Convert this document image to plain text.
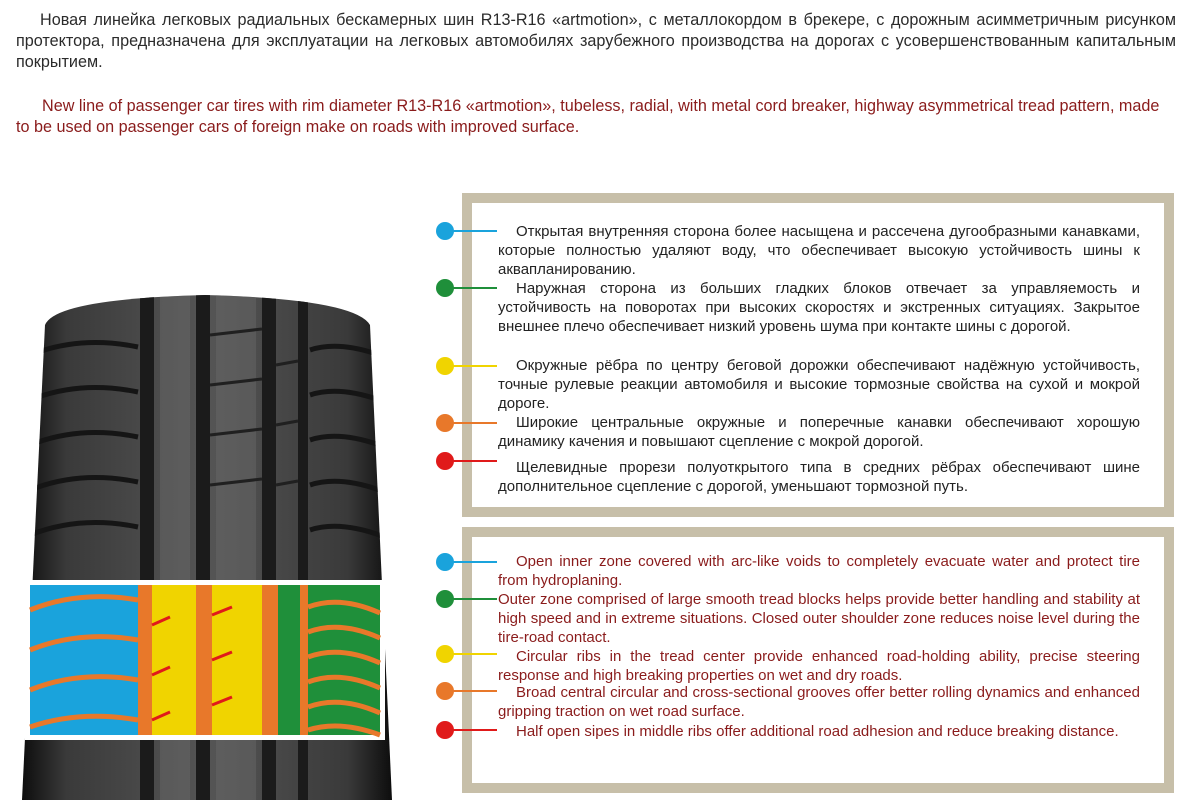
Новая линейка легковых радиальных бескамерных шин R13-R16 «artmotion», с металлокордом в брекере, с дорожным асимметричным рисунком протектора, предназначена для эксплуатации на легковых автомобилях зарубежного производства на дорогах с усовершенствованным капитальным покрытием.

New line of passenger car tires with rim diameter R13-R16 «artmotion», tubeless, radial, with metal cord breaker, highway asymmetrical tread pattern, made to be used on passenger cars of foreign make on roads with improved surface.

Открытая внутренняя сторона более насыщена и рассечена дугообразными канавками, которые полностью удаляют воду, что обеспечивает высокую устойчивость шины к аквапланированию.

Наружная сторона из больших гладких блоков отвечает за управляемость и устойчивость на поворотах при высоких скоростях и экстренных ситуациях. Закрытое внешнее плечо обеспечивает низкий уровень шума при контакте шины с дорогой.

Окружные рёбра по центру беговой дорожки обеспечивают надёжную устойчивость, точные рулевые реакции автомобиля и высокие тормозные свойства на сухой и мокрой дороге.

Широкие центральные окружные и поперечные канавки обеспечивают хорошую динамику качения и повышают сцепление с мокрой дорогой.

Щелевидные прорези полуоткрытого типа в средних рёбрах обеспечивают шине дополнительное сцепление с дорогой, уменьшают тормозной путь.

Open inner zone covered with arc-like voids to completely evacuate water and protect tire from hydroplaning.

Outer zone comprised of large smooth tread blocks helps provide better handling and stability at high speed and in extreme situations. Closed outer shoulder zone reduces noise level during the tire-road contact.

Circular ribs in the tread center provide enhanced road-holding ability, precise steering response and high breaking properties on wet and dry roads.

Broad central circular and cross-sectional grooves offer better rolling dynamics and enhanced gripping traction on wet road surface.

Half open sipes in middle ribs offer additional road adhesion and reduce breaking distance.
